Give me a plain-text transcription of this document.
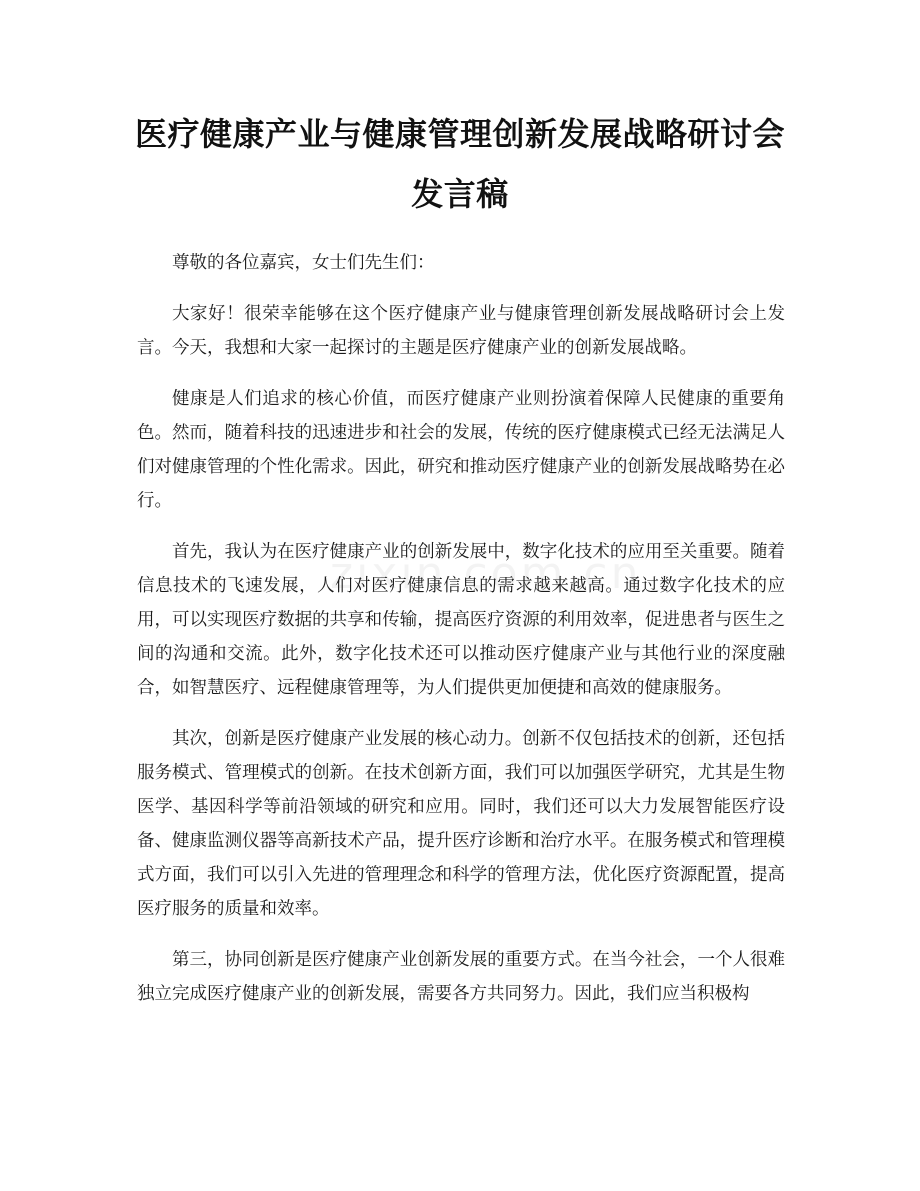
医疗健康产业与健康管理创新发展战略研讨会发言稿

尊敬的各位嘉宾，女士们先生们：

大家好！很荣幸能够在这个医疗健康产业与健康管理创新发展战略研讨会上发言。今天，我想和大家一起探讨的主题是医疗健康产业的创新发展战略。

健康是人们追求的核心价值，而医疗健康产业则扮演着保障人民健康的重要角色。然而，随着科技的迅速进步和社会的发展，传统的医疗健康模式已经无法满足人们对健康管理的个性化需求。因此，研究和推动医疗健康产业的创新发展战略势在必行。

首先，我认为在医疗健康产业的创新发展中，数字化技术的应用至关重要。随着信息技术的飞速发展，人们对医疗健康信息的需求越来越高。通过数字化技术的应用，可以实现医疗数据的共享和传输，提高医疗资源的利用效率，促进患者与医生之间的沟通和交流。此外，数字化技术还可以推动医疗健康产业与其他行业的深度融合，如智慧医疗、远程健康管理等，为人们提供更加便捷和高效的健康服务。

其次，创新是医疗健康产业发展的核心动力。创新不仅包括技术的创新，还包括服务模式、管理模式的创新。在技术创新方面，我们可以加强医学研究，尤其是生物医学、基因科学等前沿领域的研究和应用。同时，我们还可以大力发展智能医疗设备、健康监测仪器等高新技术产品，提升医疗诊断和治疗水平。在服务模式和管理模式方面，我们可以引入先进的管理理念和科学的管理方法，优化医疗资源配置，提高医疗服务的质量和效率。

第三，协同创新是医疗健康产业创新发展的重要方式。在当今社会，一个人很难独立完成医疗健康产业的创新发展，需要各方共同努力。因此，我们应当积极构
